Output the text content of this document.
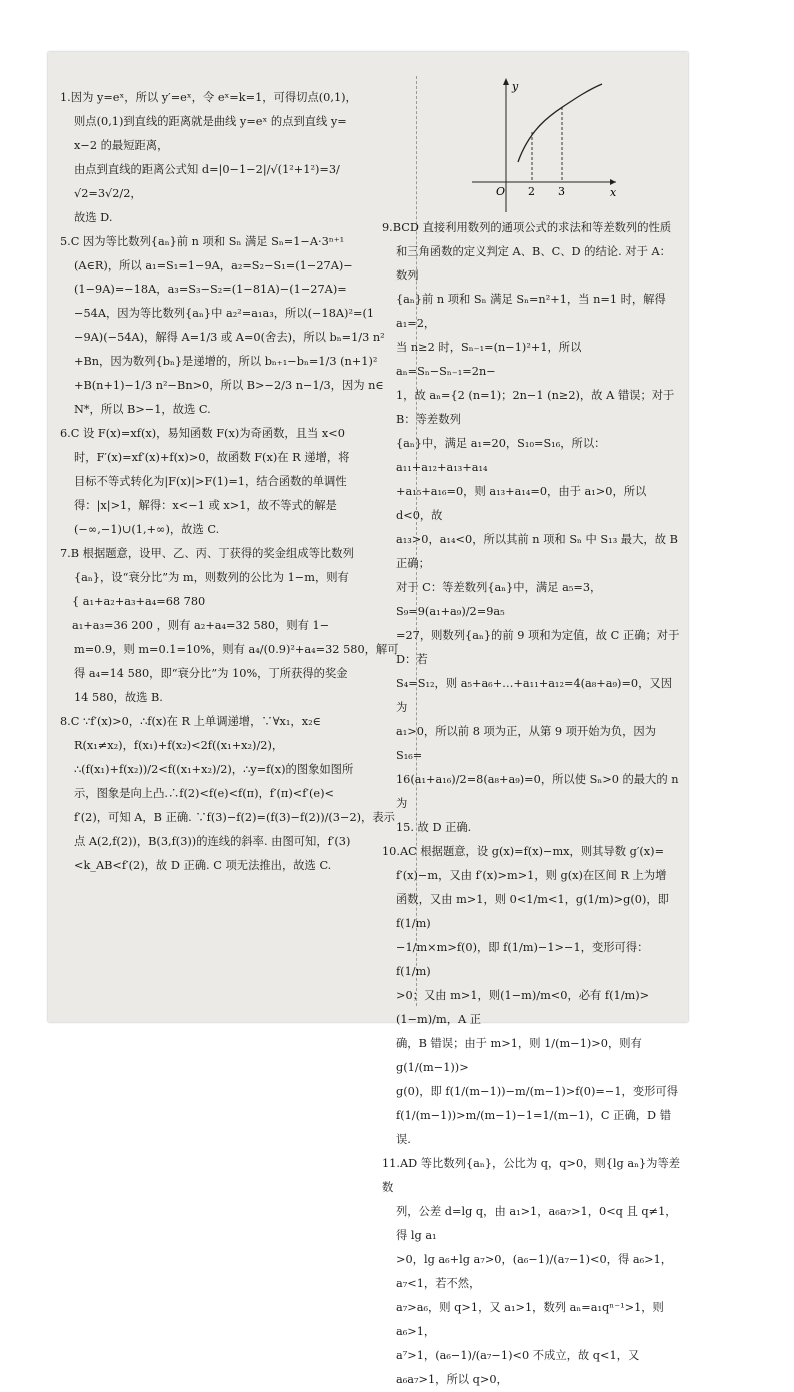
1.因为 y=eˣ，所以 y′=eˣ，令 eˣ=k=1，可得切点(0,1)，

则点(0,1)到直线的距离就是曲线 y=eˣ 的点到直线 y=

x−2 的最短距离，

由点到直线的距离公式知 d=|0−1−2|/√(1²+1²)=3/√2=3√2/2，

故选 D.

5.C 因为等比数列{aₙ}前 n 项和 Sₙ 满足 Sₙ=1−A·3ⁿ⁺¹

(A∈R)，所以 a₁=S₁=1−9A，a₂=S₂−S₁=(1−27A)−

(1−9A)=−18A，a₃=S₃−S₂=(1−81A)−(1−27A)=

−54A，因为等比数列{aₙ}中 a₂²=a₁a₃，所以(−18A)²=(1

−9A)(−54A)，解得 A=1/3 或 A=0(舍去)，所以 bₙ=1/3 n²

+Bn，因为数列{bₙ}是递增的，所以 bₙ₊₁−bₙ=1/3 (n+1)²

+B(n+1)−1/3 n²−Bn>0，所以 B>−2/3 n−1/3，因为 n∈

N*，所以 B>−1，故选 C.

6.C 设 F(x)=xf(x)，易知函数 F(x)为奇函数，且当 x<0

时，F′(x)=xf′(x)+f(x)>0，故函数 F(x)在 R 递增，将

目标不等式转化为|F(x)|>F(1)=1，结合函数的单调性

得：|x|>1，解得：x<−1 或 x>1，故不等式的解是

(−∞,−1)∪(1,+∞)，故选 C.

7.B 根据题意，设甲、乙、丙、丁获得的奖金组成等比数列

{aₙ}，设“衰分比”为 m，则数列的公比为 1−m，则有

{ a₁+a₂+a₃+a₄=68 780

a₁+a₃=36 200 ，则有 a₂+a₄=32 580，则有 1−

m=0.9，则 m=0.1=10%，则有 a₄/(0.9)²+a₄=32 580，解可

得 a₄=14 580，即“衰分比”为 10%，丁所获得的奖金

14 580，故选 B.

8.C ∵f′(x)>0，∴f(x)在 R 上单调递增，∵∀x₁，x₂∈

R(x₁≠x₂)，f(x₁)+f(x₂)<2f((x₁+x₂)/2)，

∴(f(x₁)+f(x₂))/2<f((x₁+x₂)/2)，∴y=f(x)的图象如图所

示，图象是向上凸.∴f(2)<f(e)<f(π)，f′(π)<f′(e)<

f′(2)，可知 A，B 正确. ∵f(3)−f(2)=(f(3)−f(2))/(3−2)，表示

点 A(2,f(2))，B(3,f(3))的连线的斜率. 由图可知，f′(3)

<k_AB<f′(2)，故 D 正确. C 项无法推出，故选 C.

y
x
O 2 3

9.BCD 直接利用数列的通项公式的求法和等差数列的性质

和三角函数的定义判定 A、B、C、D 的结论. 对于 A：数列

{aₙ}前 n 项和 Sₙ 满足 Sₙ=n²+1，当 n=1 时，解得 a₁=2，

当 n≥2 时，Sₙ₋₁=(n−1)²+1，所以 aₙ=Sₙ−Sₙ₋₁=2n−

1，故 aₙ={2 (n=1)；2n−1 (n≥2)，故 A 错误；对于 B：等差数列

{aₙ}中，满足 a₁=20，S₁₀=S₁₆，所以：a₁₁+a₁₂+a₁₃+a₁₄

+a₁₅+a₁₆=0，则 a₁₃+a₁₄=0，由于 a₁>0，所以 d<0，故

a₁₃>0，a₁₄<0，所以其前 n 项和 Sₙ 中 S₁₃ 最大，故 B 正确；

对于 C：等差数列{aₙ}中，满足 a₅=3，S₉=9(a₁+a₉)/2=9a₅

=27，则数列{aₙ}的前 9 项和为定值，故 C 正确；对于 D：若

S₄=S₁₂，则 a₅+a₆+…+a₁₁+a₁₂=4(a₈+a₉)=0，又因为

a₁>0，所以前 8 项为正，从第 9 项开始为负，因为 S₁₆=

16(a₁+a₁₆)/2=8(a₈+a₉)=0，所以使 Sₙ>0 的最大的 n 为

15. 故 D 正确.

10.AC 根据题意，设 g(x)=f(x)−mx，则其导数 g′(x)=

f′(x)−m，又由 f′(x)>m>1，则 g(x)在区间 R 上为增

函数，又由 m>1，则 0<1/m<1，g(1/m)>g(0)，即 f(1/m)

−1/m×m>f(0)，即 f(1/m)−1>−1，变形可得：f(1/m)

>0；又由 m>1，则(1−m)/m<0，必有 f(1/m)>(1−m)/m，A 正

确，B 错误；由于 m>1，则 1/(m−1)>0，则有 g(1/(m−1))>

g(0)，即 f(1/(m−1))−m/(m−1)>f(0)=−1，变形可得

f(1/(m−1))>m/(m−1)−1=1/(m−1)，C 正确，D 错误.

11.AD 等比数列{aₙ}，公比为 q，q>0，则{lg aₙ}为等差数

列，公差 d=lg q，由 a₁>1，a₆a₇>1，0<q 且 q≠1，得 lg a₁

>0，lg a₆+lg a₇>0，(a₆−1)/(a₇−1)<0，得 a₆>1，a₇<1，若不然，

a₇>a₆，则 q>1，又 a₁>1，数列 aₙ=a₁qⁿ⁻¹>1，则 a₆>1，

a⁷>1，(a₆−1)/(a₇−1)<0 不成立，故 q<1，又 a₆a₇>1，所以 q>0，
